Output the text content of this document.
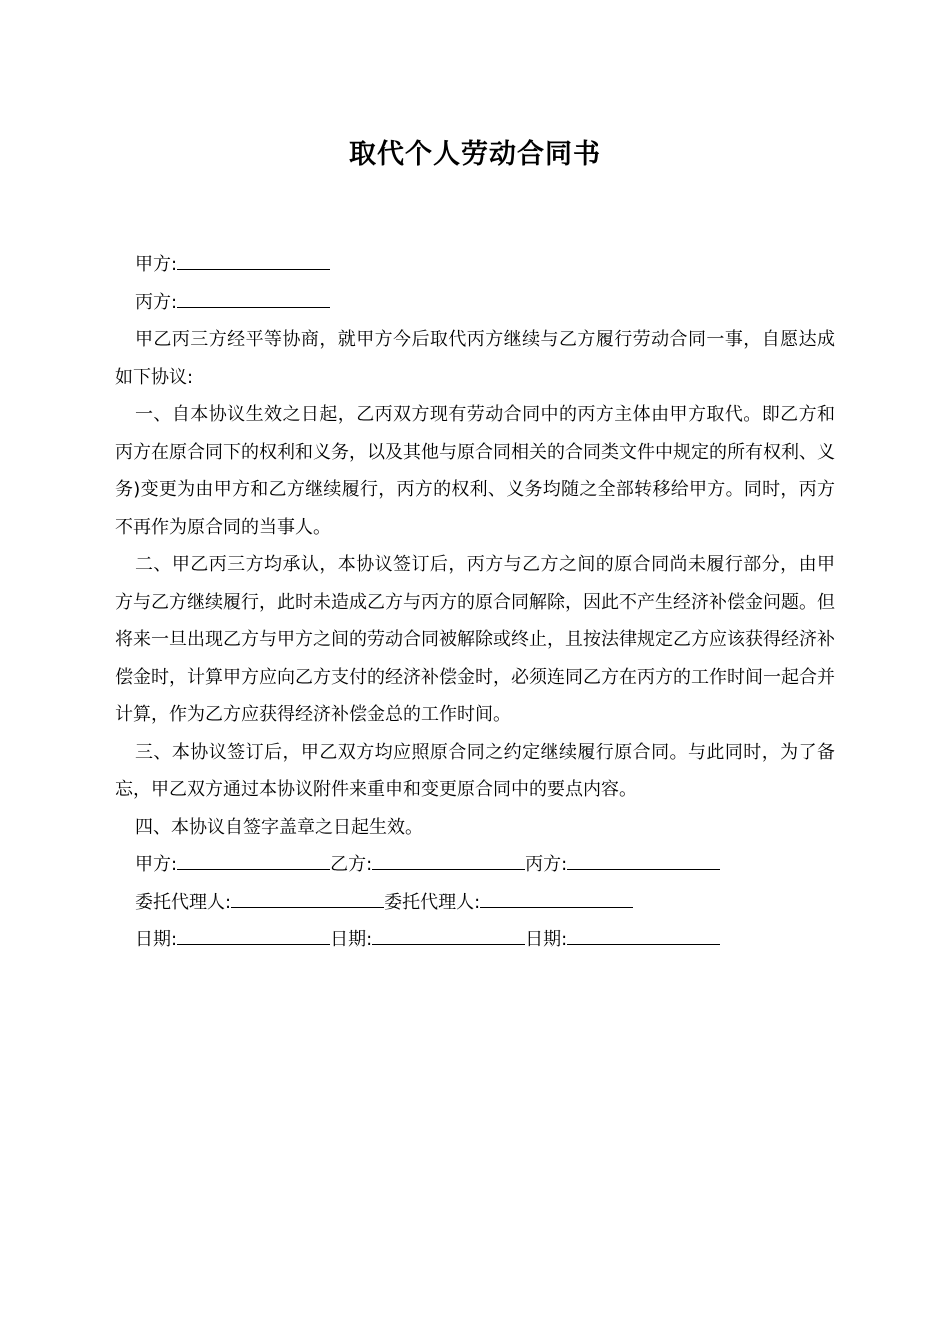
取代个人劳动合同书
甲方:
丙方:

甲乙丙三方经平等协商，就甲方今后取代丙方继续与乙方履行劳动合同一事，自愿达成如下协议:

一、自本协议生效之日起，乙丙双方现有劳动合同中的丙方主体由甲方取代。即乙方和丙方在原合同下的权利和义务，以及其他与原合同相关的合同类文件中规定的所有权利、义务)变更为由甲方和乙方继续履行，丙方的权利、义务均随之全部转移给甲方。同时，丙方不再作为原合同的当事人。

二、甲乙丙三方均承认，本协议签订后，丙方与乙方之间的原合同尚未履行部分，由甲方与乙方继续履行，此时未造成乙方与丙方的原合同解除，因此不产生经济补偿金问题。但将来一旦出现乙方与甲方之间的劳动合同被解除或终止，且按法律规定乙方应该获得经济补偿金时，计算甲方应向乙方支付的经济补偿金时，必须连同乙方在丙方的工作时间一起合并计算，作为乙方应获得经济补偿金总的工作时间。

三、本协议签订后，甲乙双方均应照原合同之约定继续履行原合同。与此同时，为了备忘，甲乙双方通过本协议附件来重申和变更原合同中的要点内容。

四、本协议自签字盖章之日起生效。

甲方:	乙方:	丙方:
委托代理人:	委托代理人:
日期:	日期:	日期:
